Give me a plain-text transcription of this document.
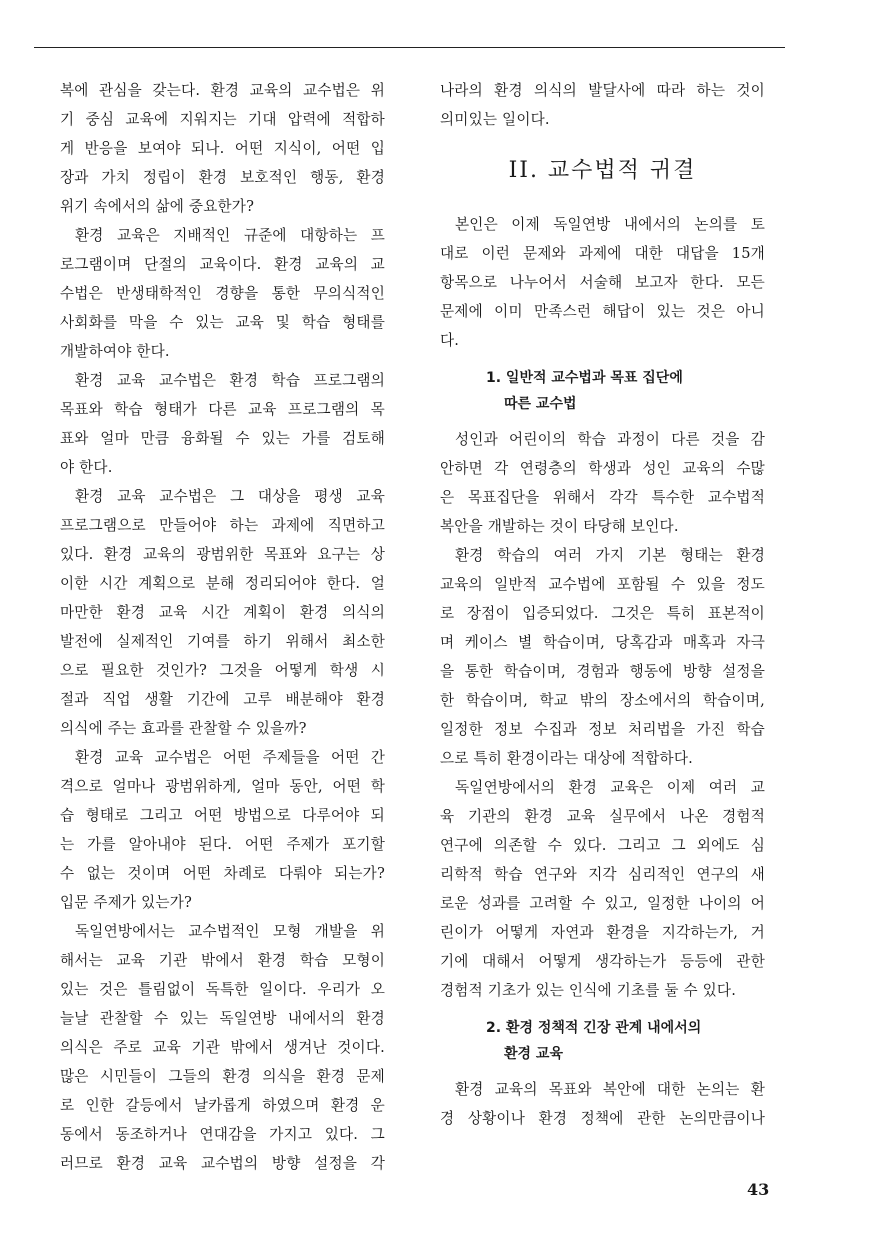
복에 관심을 갖는다. 환경 교육의 교수법은 위
기 중심 교육에 지워지는 기대 압력에 적합하
게 반응을 보여야 되나. 어떤 지식이, 어떤 입
장과 가치 정립이 환경 보호적인 행동, 환경
위기 속에서의 삶에 중요한가?
환경 교육은 지배적인 규준에 대항하는 프
로그램이며 단절의 교육이다. 환경 교육의 교
수법은 반생태학적인 경향을 통한 무의식적인
사회화를 막을 수 있는 교육 및 학습 형태를
개발하여야 한다.
환경 교육 교수법은 환경 학습 프로그램의
목표와 학습 형태가 다른 교육 프로그램의 목
표와 얼마 만큼 융화될 수 있는 가를 검토해
야 한다.
환경 교육 교수법은 그 대상을 평생 교육
프로그램으로 만들어야 하는 과제에 직면하고
있다. 환경 교육의 광범위한 목표와 요구는 상
이한 시간 계획으로 분해 정리되어야 한다. 얼
마만한 환경 교육 시간 계획이 환경 의식의
발전에 실제적인 기여를 하기 위해서 최소한
으로 필요한 것인가? 그것을 어떻게 학생 시
절과 직업 생활 기간에 고루 배분해야 환경
의식에 주는 효과를 관찰할 수 있을까?
환경 교육 교수법은 어떤 주제들을 어떤 간
격으로 얼마나 광범위하게, 얼마 동안, 어떤 학
습 형태로 그리고 어떤 방법으로 다루어야 되
는 가를 알아내야 된다. 어떤 주제가 포기할
수 없는 것이며 어떤 차례로 다뤄야 되는가?
입문 주제가 있는가?
독일연방에서는 교수법적인 모형 개발을 위
해서는 교육 기관 밖에서 환경 학습 모형이
있는 것은 틀림없이 독특한 일이다. 우리가 오
늘날 관찰할 수 있는 독일연방 내에서의 환경
의식은 주로 교육 기관 밖에서 생겨난 것이다.
많은 시민들이 그들의 환경 의식을 환경 문제
로 인한 갈등에서 날카롭게 하였으며 환경 운
동에서 동조하거나 연대감을 가지고 있다. 그
러므로 환경 교육 교수법의 방향 설정을 각
나라의 환경 의식의 발달사에 따라 하는 것이
의미있는 일이다.
II. 교수법적 귀결
본인은 이제 독일연방 내에서의 논의를 토
대로 이런 문제와 과제에 대한 대답을 15개
항목으로 나누어서 서술해 보고자 한다. 모든
문제에 이미 만족스런 해답이 있는 것은 아니
다.
1. 일반적 교수법과 목표 집단에
따른 교수법
성인과 어린이의 학습 과정이 다른 것을 감
안하면 각 연령층의 학생과 성인 교육의 수많
은 목표집단을 위해서 각각 특수한 교수법적
복안을 개발하는 것이 타당해 보인다.
환경 학습의 여러 가지 기본 형태는 환경
교육의 일반적 교수법에 포함될 수 있을 정도
로 장점이 입증되었다. 그것은 특히 표본적이
며 케이스 별 학습이며, 당혹감과 매혹과 자극
을 통한 학습이며, 경험과 행동에 방향 설정을
한 학습이며, 학교 밖의 장소에서의 학습이며,
일정한 정보 수집과 정보 처리법을 가진 학습
으로 특히 환경이라는 대상에 적합하다.
독일연방에서의 환경 교육은 이제 여러 교
육 기관의 환경 교육 실무에서 나온 경험적
연구에 의존할 수 있다. 그리고 그 외에도 심
리학적 학습 연구와 지각 심리적인 연구의 새
로운 성과를 고려할 수 있고, 일정한 나이의 어
린이가 어떻게 자연과 환경을 지각하는가, 거
기에 대해서 어떻게 생각하는가 등등에 관한
경험적 기초가 있는 인식에 기초를 둘 수 있다.
2. 환경 정책적 긴장 관계 내에서의
환경 교육
환경 교육의 목표와 복안에 대한 논의는 환
경 상황이나 환경 정책에 관한 논의만큼이나
43
